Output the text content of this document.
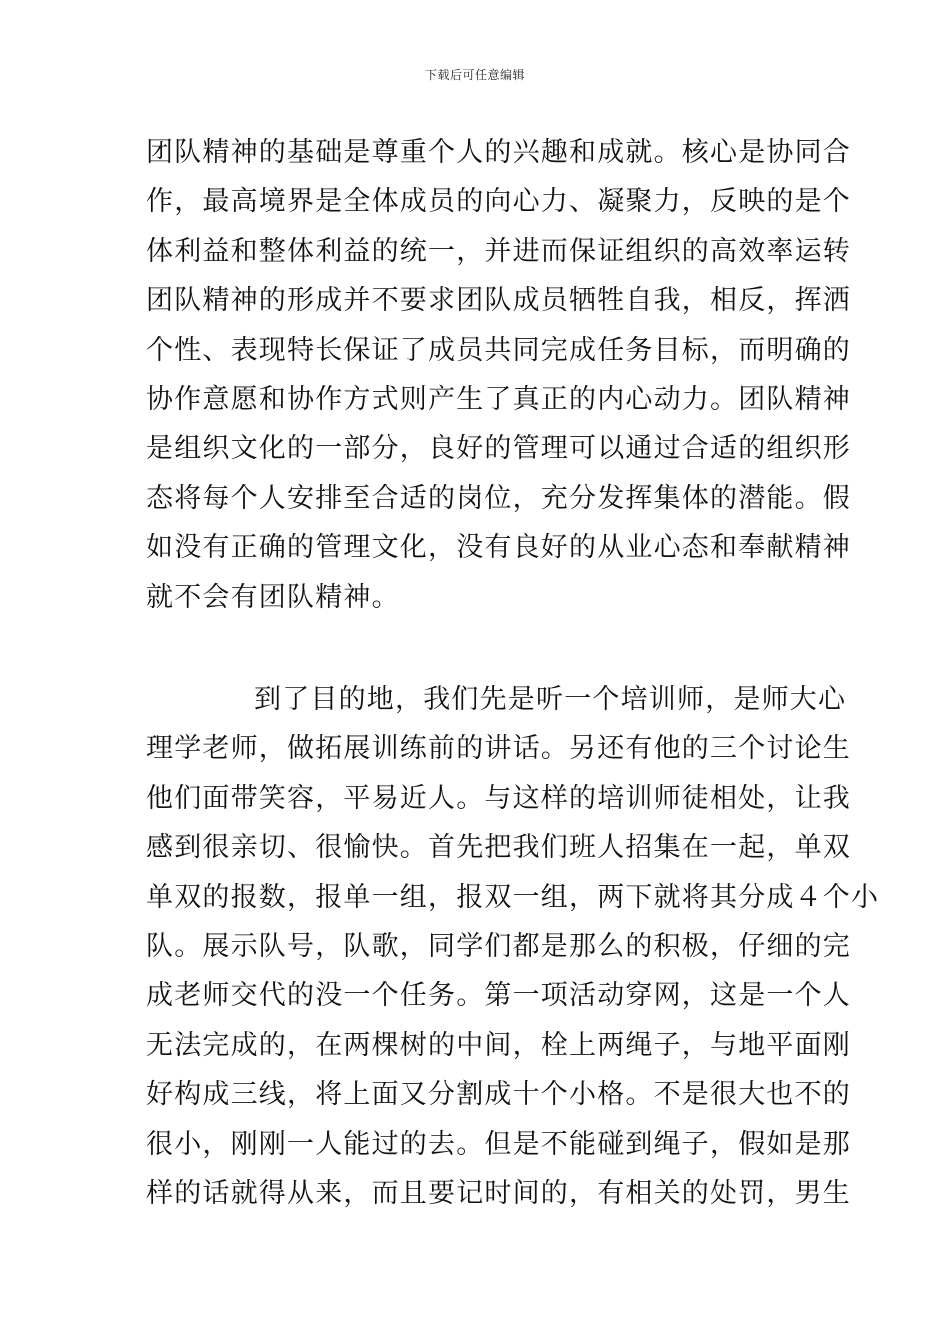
下载后可任意编辑
团队精神的基础是尊重个人的兴趣和成就。核心是协同合
作，最高境界是全体成员的向心力、凝聚力，反映的是个
体利益和整体利益的统一，并进而保证组织的高效率运转
团队精神的形成并不要求团队成员牺牲自我，相反，挥洒
个性、表现特长保证了成员共同完成任务目标，而明确的
协作意愿和协作方式则产生了真正的内心动力。团队精神
是组织文化的一部分，良好的管理可以通过合适的组织形
态将每个人安排至合适的岗位，充分发挥集体的潜能。假
如没有正确的管理文化，没有良好的从业心态和奉献精神
就不会有团队精神。
到了目的地，我们先是听一个培训师，是师大心
理学老师，做拓展训练前的讲话。另还有他的三个讨论生
他们面带笑容，平易近人。与这样的培训师徒相处，让我
感到很亲切、很愉快。首先把我们班人招集在一起，单双
单双的报数，报单一组，报双一组，两下就将其分成４个小
队。展示队号，队歌，同学们都是那么的积极，仔细的完
成老师交代的没一个任务。第一项活动穿网，这是一个人
无法完成的，在两棵树的中间，栓上两绳子，与地平面刚
好构成三线，将上面又分割成十个小格。不是很大也不的
很小，刚刚一人能过的去。但是不能碰到绳子，假如是那
样的话就得从来，而且要记时间的，有相关的处罚，男生
